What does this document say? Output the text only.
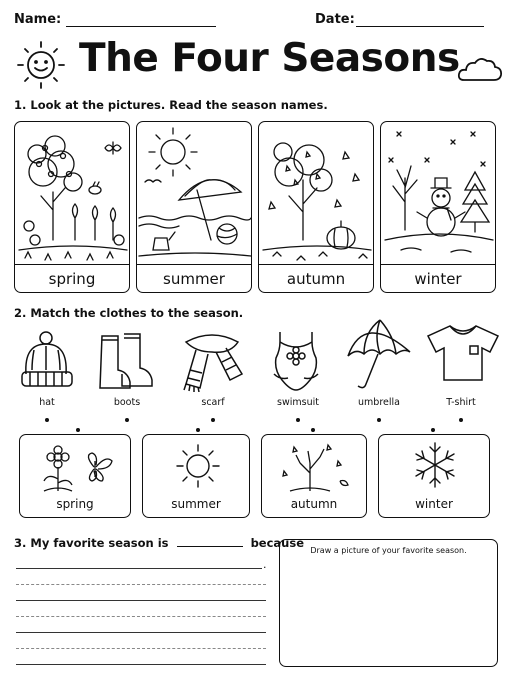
Name:	Date:
The Four Seasons
1. Look at the pictures. Read the season names.
spring	summer	autumn	winter
2. Match the clothes to the season.
hat	boots	scarf	swimsuit	umbrella	T-shirt
spring	summer	autumn	winter
3. My favorite season is	because
.
Draw a picture of your favorite season.
